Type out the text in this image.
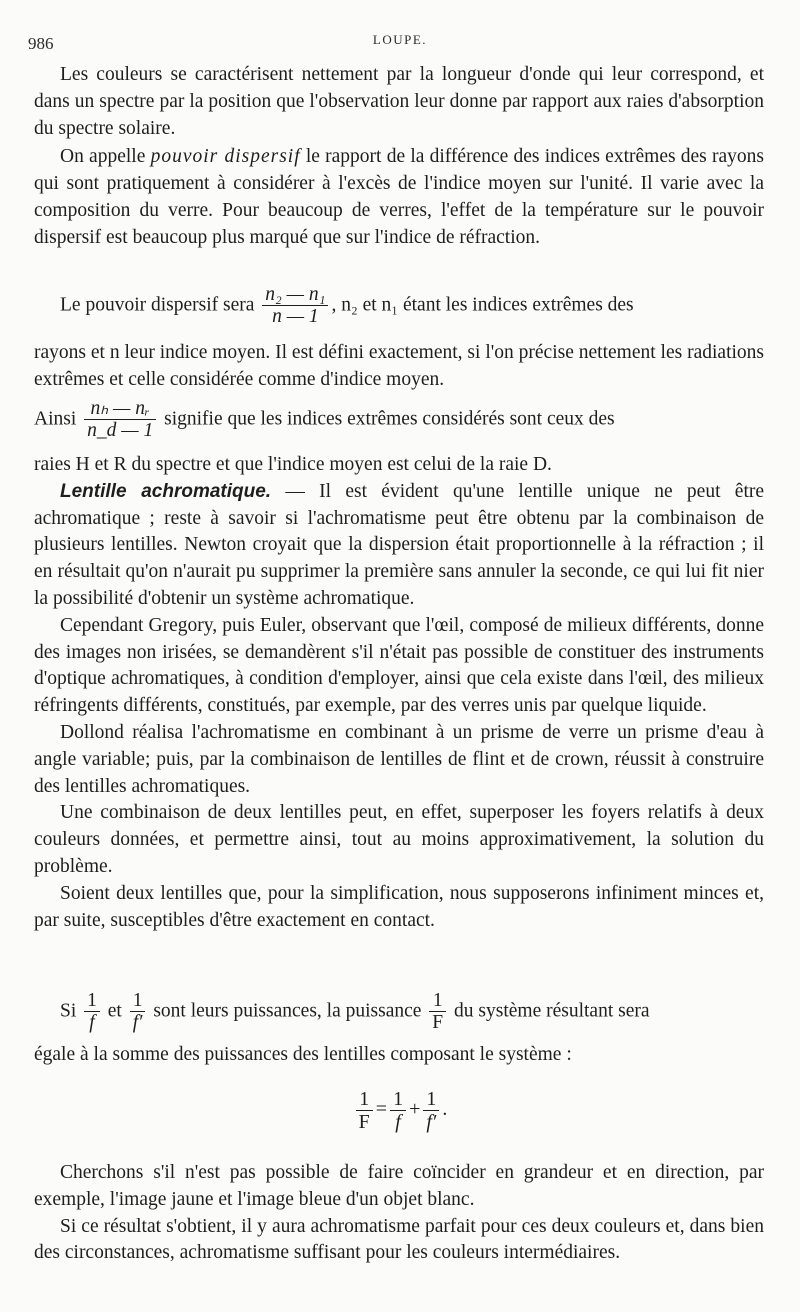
986	LOUPE.

Les couleurs se caractérisent nettement par la longueur d'onde qui leur correspond, et dans un spectre par la position que l'observation leur donne par rapport aux raies d'absorption du spectre solaire.

On appelle pouvoir dispersif le rapport de la différence des indices extrêmes des rayons qui sont pratiquement à considérer à l'excès de l'indice moyen sur l'unité. Il varie avec la composition du verre. Pour beaucoup de verres, l'effet de la température sur le pouvoir dispersif est beaucoup plus marqué que sur l'indice de réfraction.

Le pouvoir dispersif sera $\frac{\text{n₂ — n₁}}{n — 1}$ , n₂ et n₁ étant les indices extrêmes des

rayons et n leur indice moyen. Il est défini exactement, si l'on précise nettement les radiations extrêmes et celle considérée comme d'indice moyen.

Ainsi $\frac{\text{nₕ — nᵣ}}{n\_d — 1}$ signifie que les indices extrêmes considérés sont ceux des

raies H et R du spectre et que l'indice moyen est celui de la raie D.

Lentille achromatique. — Il est évident qu'une lentille unique ne peut être achromatique ; reste à savoir si l'achromatisme peut être obtenu par la combinaison de plusieurs lentilles. Newton croyait que la dispersion était proportionnelle à la réfraction ; il en résultait qu'on n'aurait pu supprimer la première sans annuler la seconde, ce qui lui fit nier la possibilité d'obtenir un système achromatique.

Cependant Gregory, puis Euler, observant que l'œil, composé de milieux différents, donne des images non irisées, se demandèrent s'il n'était pas possible de constituer des instruments d'optique achromatiques, à condition d'employer, ainsi que cela existe dans l'œil, des milieux réfringents différents, constitués, par exemple, par des verres unis par quelque liquide.

Dollond réalisa l'achromatisme en combinant à un prisme de verre un prisme d'eau à angle variable; puis, par la combinaison de lentilles de flint et de crown, réussit à construire des lentilles achromatiques.

Une combinaison de deux lentilles peut, en effet, superposer les foyers relatifs à deux couleurs données, et permettre ainsi, tout au moins approximativement, la solution du problème.

Soient deux lentilles que, pour la simplification, nous supposerons infiniment minces et, par suite, susceptibles d'être exactement en contact.

Si $\frac{1}{f}$ et $\frac{1}{f'}$ sont leurs puissances, la puissance $\frac{1}{F}$ du système résultant sera

égale à la somme des puissances des lentilles composant le système :

$\frac{1}{F} = \frac{1}{f} + \frac{1}{f'}$ .

Cherchons s'il n'est pas possible de faire coïncider en grandeur et en direction, par exemple, l'image jaune et l'image bleue d'un objet blanc.

Si ce résultat s'obtient, il y aura achromatisme parfait pour ces deux couleurs et, dans bien des circonstances, achromatisme suffisant pour les couleurs intermédiaires.
